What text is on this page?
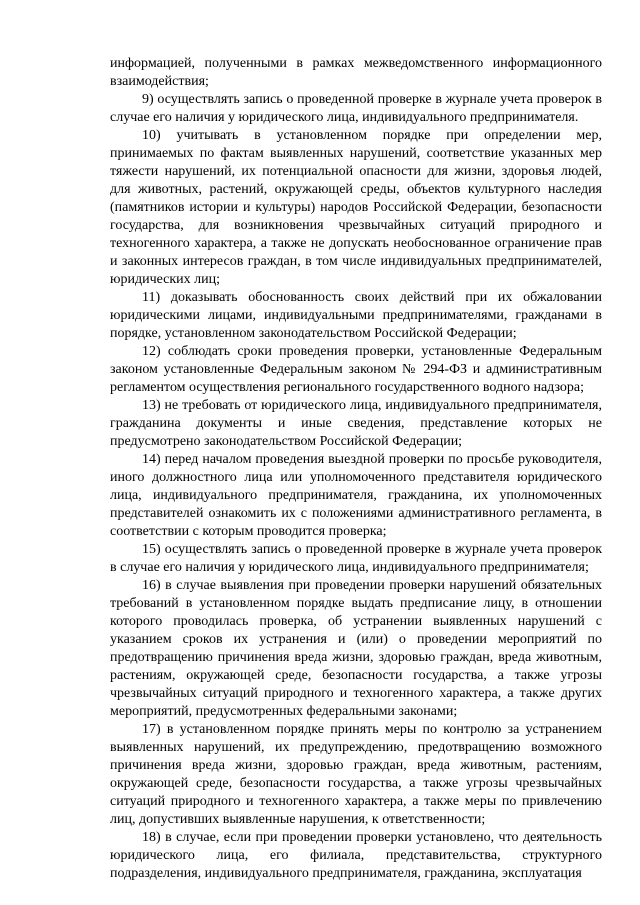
информацией, полученными в рамках межведомственного информационного взаимодействия;

9) осуществлять запись о проведенной проверке в журнале учета проверок в случае его наличия у юридического лица, индивидуального предпринимателя.

10) учитывать в установленном порядке при определении мер, принимаемых по фактам выявленных нарушений, соответствие указанных мер тяжести нарушений, их потенциальной опасности для жизни, здоровья людей, для животных, растений, окружающей среды, объектов культурного наследия (памятников истории и культуры) народов Российской Федерации, безопасности государства, для возникновения чрезвычайных ситуаций природного и техногенного характера, а также не допускать необоснованное ограничение прав и законных интересов граждан, в том числе индивидуальных предпринимателей, юридических лиц;

11) доказывать обоснованность своих действий при их обжаловании юридическими лицами, индивидуальными предпринимателями, гражданами в порядке, установленном законодательством Российской Федерации;

12) соблюдать сроки проведения проверки, установленные Федеральным законом установленные Федеральным законом № 294-ФЗ и административным регламентом осуществления регионального государственного водного надзора;

13) не требовать от юридического лица, индивидуального предпринимателя, гражданина документы и иные сведения, представление которых не предусмотрено законодательством Российской Федерации;

14) перед началом проведения выездной проверки по просьбе руководителя, иного должностного лица или уполномоченного представителя юридического лица, индивидуального предпринимателя, гражданина, их уполномоченных представителей ознакомить их с положениями административного регламента, в соответствии с которым проводится проверка;

15) осуществлять запись о проведенной проверке в журнале учета проверок в случае его наличия у юридического лица, индивидуального предпринимателя;

16) в случае выявления при проведении проверки нарушений обязательных требований в установленном порядке выдать предписание лицу, в отношении которого проводилась проверка, об устранении выявленных нарушений с указанием сроков их устранения и (или) о проведении мероприятий по предотвращению причинения вреда жизни, здоровью граждан, вреда животным, растениям, окружающей среде, безопасности государства, а также угрозы чрезвычайных ситуаций природного и техногенного характера, а также других мероприятий, предусмотренных федеральными законами;

17) в установленном порядке принять меры по контролю за устранением выявленных нарушений, их предупреждению, предотвращению возможного причинения вреда жизни, здоровью граждан, вреда животным, растениям, окружающей среде, безопасности государства, а также угрозы чрезвычайных ситуаций природного и техногенного характера, а также меры по привлечению лиц, допустивших выявленные нарушения, к ответственности;

18) в случае, если при проведении проверки установлено, что деятельность юридического лица, его филиала, представительства, структурного подразделения, индивидуального предпринимателя, гражданина, эксплуатация
